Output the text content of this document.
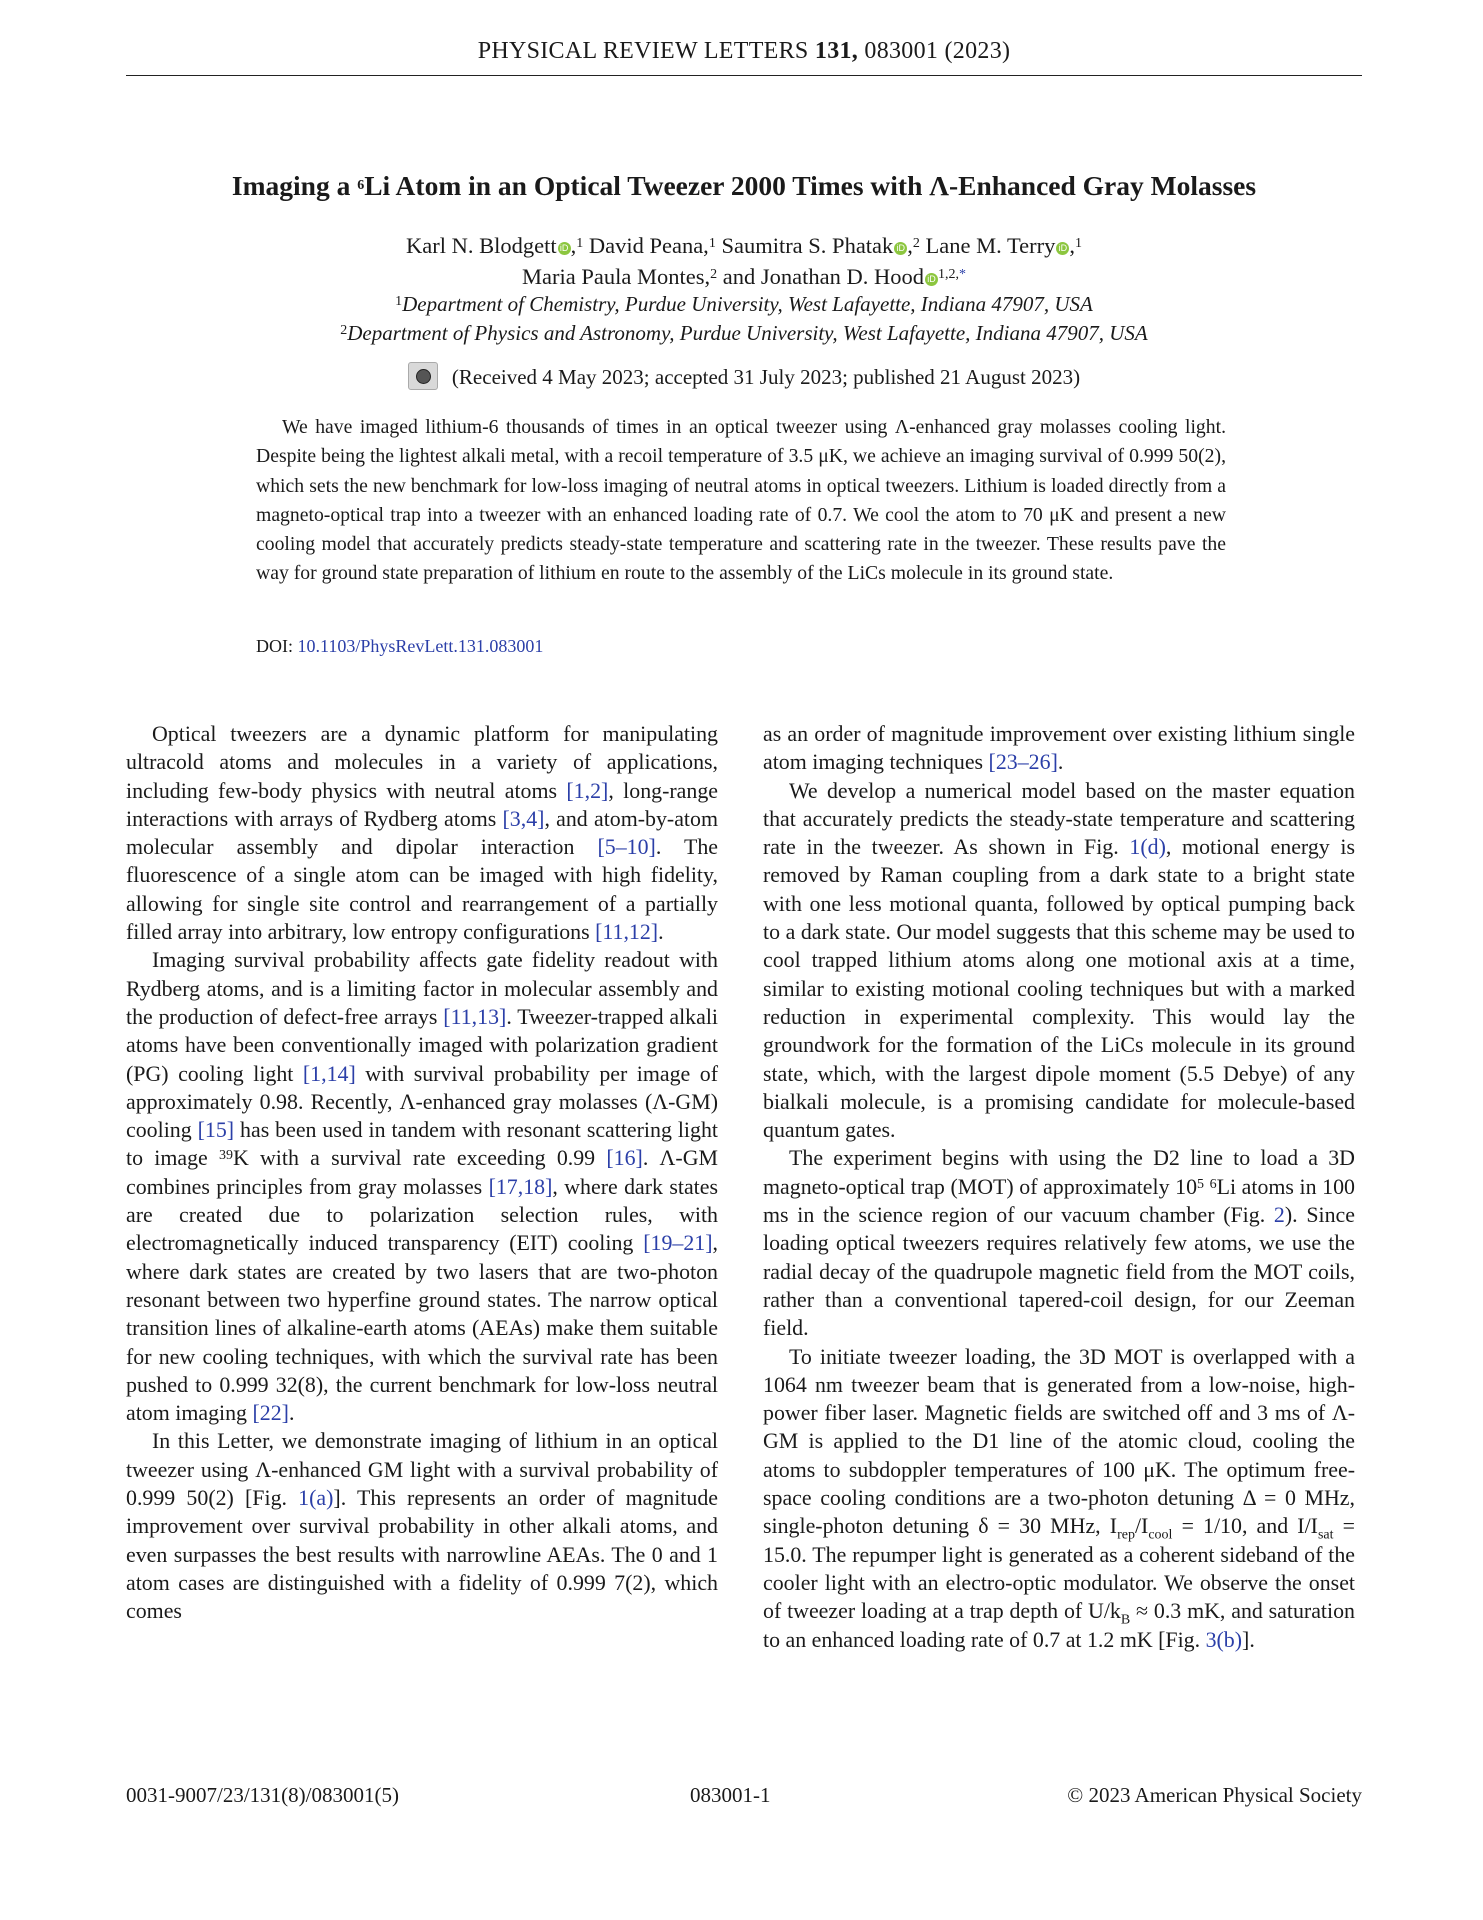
PHYSICAL REVIEW LETTERS 131, 083001 (2023)
Imaging a $^6$Li Atom in an Optical Tweezer 2000 Times with Λ-Enhanced Gray Molasses
Karl N. Blodgett iD ,$^1$ David Peana,$^1$ Saumitra S. Phatak iD ,$^2$ Lane M. Terry iD ,$^1$
Maria Paula Montes,$^2$ and Jonathan D. Hood iD $^{1,2,*}$
$^1$Department of Chemistry, Purdue University, West Lafayette, Indiana 47907, USA
$^2$Department of Physics and Astronomy, Purdue University, West Lafayette, Indiana 47907, USA
(Received 4 May 2023; accepted 31 July 2023; published 21 August 2023)
We have imaged lithium-6 thousands of times in an optical tweezer using Λ-enhanced gray molasses cooling light. Despite being the lightest alkali metal, with a recoil temperature of 3.5 μK, we achieve an imaging survival of 0.999 50(2), which sets the new benchmark for low-loss imaging of neutral atoms in optical tweezers. Lithium is loaded directly from a magneto-optical trap into a tweezer with an enhanced loading rate of 0.7. We cool the atom to 70 μK and present a new cooling model that accurately predicts steady-state temperature and scattering rate in the tweezer. These results pave the way for ground state preparation of lithium en route to the assembly of the LiCs molecule in its ground state.
DOI: 10.1103/PhysRevLett.131.083001

Optical tweezers are a dynamic platform for manipulating ultracold atoms and molecules in a variety of applications, including few-body physics with neutral atoms [1,2], long-range interactions with arrays of Rydberg atoms [3,4], and atom-by-atom molecular assembly and dipolar interaction [5–10]. The fluorescence of a single atom can be imaged with high fidelity, allowing for single site control and rearrangement of a partially filled array into arbitrary, low entropy configurations [11,12].

Imaging survival probability affects gate fidelity readout with Rydberg atoms, and is a limiting factor in molecular assembly and the production of defect-free arrays [11,13]. Tweezer-trapped alkali atoms have been conventionally imaged with polarization gradient (PG) cooling light [1,14] with survival probability per image of approximately 0.98. Recently, Λ-enhanced gray molasses (Λ-GM) cooling [15] has been used in tandem with resonant scattering light to image $^{39}$K with a survival rate exceeding 0.99 [16]. Λ-GM combines principles from gray molasses [17,18], where dark states are created due to polarization selection rules, with electromagnetically induced transparency (EIT) cooling [19–21], where dark states are created by two lasers that are two-photon resonant between two hyperfine ground states. The narrow optical transition lines of alkaline-earth atoms (AEAs) make them suitable for new cooling techniques, with which the survival rate has been pushed to 0.999 32(8), the current benchmark for low-loss neutral atom imaging [22].

In this Letter, we demonstrate imaging of lithium in an optical tweezer using Λ-enhanced GM light with a survival probability of 0.999 50(2) [Fig. 1(a)]. This represents an order of magnitude improvement over survival probability in other alkali atoms, and even surpasses the best results with narrowline AEAs. The 0 and 1 atom cases are distinguished with a fidelity of 0.999 7(2), which comes

as an order of magnitude improvement over existing lithium single atom imaging techniques [23–26].

We develop a numerical model based on the master equation that accurately predicts the steady-state temperature and scattering rate in the tweezer. As shown in Fig. 1(d), motional energy is removed by Raman coupling from a dark state to a bright state with one less motional quanta, followed by optical pumping back to a dark state. Our model suggests that this scheme may be used to cool trapped lithium atoms along one motional axis at a time, similar to existing motional cooling techniques but with a marked reduction in experimental complexity. This would lay the groundwork for the formation of the LiCs molecule in its ground state, which, with the largest dipole moment (5.5 Debye) of any bialkali molecule, is a promising candidate for molecule-based quantum gates.

The experiment begins with using the D2 line to load a 3D magneto-optical trap (MOT) of approximately $10^5$ $^6$Li atoms in 100 ms in the science region of our vacuum chamber (Fig. 2). Since loading optical tweezers requires relatively few atoms, we use the radial decay of the quadrupole magnetic field from the MOT coils, rather than a conventional tapered-coil design, for our Zeeman field.

To initiate tweezer loading, the 3D MOT is overlapped with a 1064 nm tweezer beam that is generated from a low-noise, high-power fiber laser. Magnetic fields are switched off and 3 ms of Λ-GM is applied to the D1 line of the atomic cloud, cooling the atoms to subdoppler temperatures of 100 μK. The optimum free-space cooling conditions are a two-photon detuning Δ = 0 MHz, single-photon detuning δ = 30 MHz, $I_{rep}/I_{cool} = 1/10$, and $I/I_{sat} = 15.0$. The repumper light is generated as a coherent sideband of the cooler light with an electro-optic modulator. We observe the onset of tweezer loading at a trap depth of $U/k_B \approx 0.3$ mK, and saturation to an enhanced loading rate of 0.7 at 1.2 mK [Fig. 3(b)].

0031-9007/23/131(8)/083001(5)	083001-1	© 2023 American Physical Society
